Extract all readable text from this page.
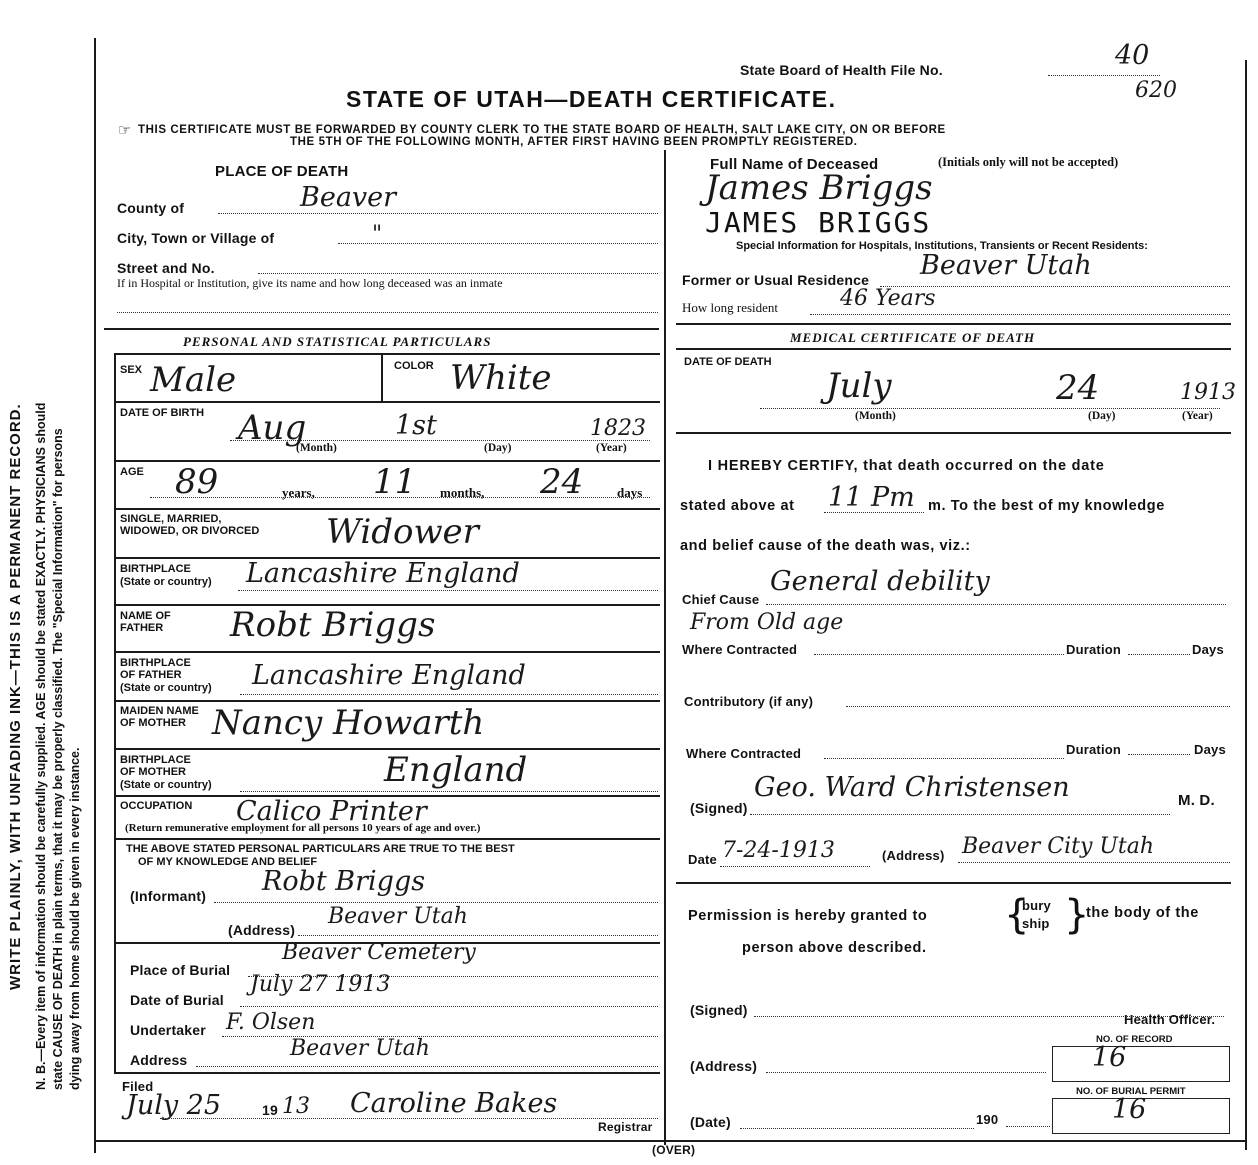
WRITE PLAINLY, WITH UNFADING INK—THIS IS A PERMANENT RECORD. N. B.—Every item of information should be carefully supplied. AGE should be stated EXACTLY. PHYSICIANS should state CAUSE OF DEATH in plain terms, that it may be properly classified. The "Special Information" for persons dying away from home should be given in every instance.
State Board of Health File No.	40
620
STATE OF UTAH—DEATH CERTIFICATE.
☞ THIS CERTIFICATE MUST BE FORWARDED BY COUNTY CLERK TO THE STATE BOARD OF HEALTH, SALT LAKE CITY, ON OR BEFORE
THE 5TH OF THE FOLLOWING MONTH, AFTER FIRST HAVING BEEN PROMPTLY REGISTERED.
PLACE OF DEATH
County of	Beaver
City, Town or Village of	"
Street and No.
If in Hospital or Institution, give its name and how long deceased was an inmate
Full Name of Deceased	(Initials only will not be accepted)
James Briggs
JAMES BRIGGS
Special Information for Hospitals, Institutions, Transients or Recent Residents:
Former or Usual Residence Beaver Utah
How long resident	46 Years
PERSONAL AND STATISTICAL PARTICULARS
SEX Male	COLOR White
DATE OF BIRTH Aug	1st	1823
(Month)	(Day)	(Year)
AGE 89	years, 11 months, 24	days
SINGLE, MARRIED,
WIDOWED, OR DIVORCED Widower
BIRTHPLACE
(State or country) Lancashire England
NAME OF
FATHER Robt Briggs
BIRTHPLACE
OF FATHER
(State or country) Lancashire England
MAIDEN NAME
OF MOTHER Nancy Howarth
BIRTHPLACE
OF MOTHER
(State or country)	England
OCCUPATION Calico Printer
(Return remunerative employment for all persons 10 years of age and over.)
THE ABOVE STATED PERSONAL PARTICULARS ARE TRUE TO THE BEST
OF MY KNOWLEDGE AND BELIEF
(Informant) Robt Briggs
(Address)
Beaver Utah
Place of Burial
Beaver Cemetery
Date of Burial
July 27 1913
Undertaker F. Olsen
Address	Beaver Utah
Filed
July 25	19 13 Caroline Bakes
Registrar
MEDICAL CERTIFICATE OF DEATH
DATE OF DEATH
July	24	1913
(Month)	(Day)	(Year)
I HEREBY CERTIFY, that death occurred on the date
stated above at 11 Pm m. To the best of my knowledge
and belief cause of the death was, viz.:
Chief Cause
General debility
From Old age
Where Contracted	Duration	Days
Contributory (if any)
Where Contracted	Duration	Days
(Signed)
Geo. Ward Christensen	M. D.
Date 7-24-1913	(Address) Beaver City Utah
Permission is hereby granted to {
bury
ship }
the body of the
person above described.
(Signed)
Health Officer.
NO. OF RECORD
16
(Address)
NO. OF BURIAL PERMIT
16
(Date)	190
(OVER)
